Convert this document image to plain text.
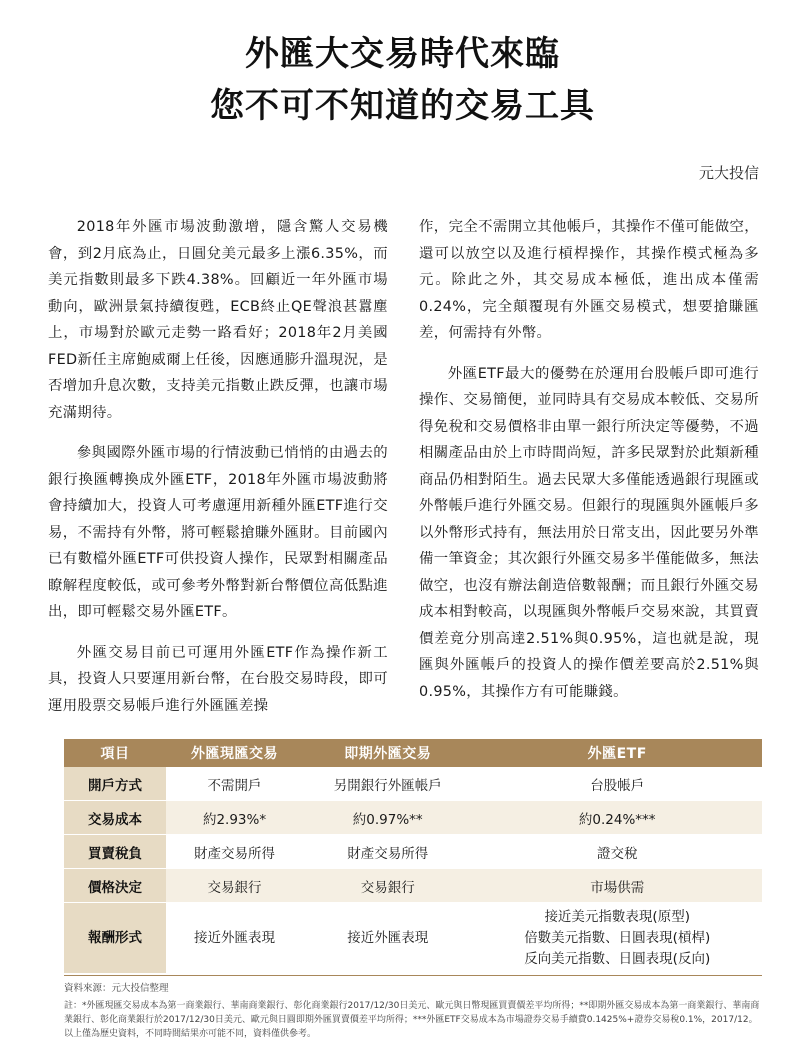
外匯大交易時代來臨
您不可不知道的交易工具
元大投信

2018年外匯市場波動激增，隱含驚人交易機會，到2月底為止，日圓兌美元最多上漲6.35%，而美元指數則最多下跌4.38%。回顧近一年外匯市場動向，歐洲景氣持續復甦，ECB終止QE聲浪甚囂塵上，市場對於歐元走勢一路看好；2018年2月美國FED新任主席鮑威爾上任後，因應通膨升溫現況，是否增加升息次數，支持美元指數止跌反彈，也讓市場充滿期待。

參與國際外匯市場的行情波動已悄悄的由過去的銀行換匯轉換成外匯ETF，2018年外匯市場波動將會持續加大，投資人可考慮運用新種外匯ETF進行交易，不需持有外幣，將可輕鬆搶賺外匯財。目前國內已有數檔外匯ETF可供投資人操作，民眾對相關產品瞭解程度較低，或可參考外幣對新台幣價位高低點進出，即可輕鬆交易外匯ETF。

外匯交易目前已可運用外匯ETF作為操作新工具，投資人只要運用新台幣，在台股交易時段，即可運用股票交易帳戶進行外匯匯差操

作，完全不需開立其他帳戶，其操作不僅可能做空，還可以放空以及進行槓桿操作，其操作模式極為多元。除此之外，其交易成本極低，進出成本僅需0.24%，完全顛覆現有外匯交易模式，想要搶賺匯差，何需持有外幣。

外匯ETF最大的優勢在於運用台股帳戶即可進行操作、交易簡便，並同時具有交易成本較低、交易所得免稅和交易價格非由單一銀行所決定等優勢，不過相關產品由於上市時間尚短，許多民眾對於此類新種商品仍相對陌生。過去民眾大多僅能透過銀行現匯或外幣帳戶進行外匯交易。但銀行的現匯與外匯帳戶多以外幣形式持有，無法用於日常支出，因此要另外準備一筆資金；其次銀行外匯交易多半僅能做多，無法做空，也沒有辦法創造倍數報酬；而且銀行外匯交易成本相對較高，以現匯與外幣帳戶交易來說，其買賣價差竟分別高達2.51%與0.95%，這也就是說，現匯與外匯帳戶的投資人的操作價差要高於2.51%與0.95%，其操作方有可能賺錢。

項目	外匯現匯交易	即期外匯交易	外匯ETF
開戶方式	不需開戶	另開銀行外匯帳戶	台股帳戶
交易成本	約2.93%*	約0.97%**	約0.24%***
買賣稅負	財產交易所得	財產交易所得	證交稅
價格決定	交易銀行	交易銀行	市場供需
報酬形式	接近外匯表現	接近外匯表現	接近美元指數表現(原型)
倍數美元指數、日圓表現(槓桿)
反向美元指數、日圓表現(反向)
資料來源：元大投信整理
註：*外匯現匯交易成本為第一商業銀行、華南商業銀行、彰化商業銀行2017/12/30日美元、歐元與日幣現匯買賣價差平均所得；**即期外匯交易成本為第一商業銀行、華南商業銀行、彰化商業銀行於2017/12/30日美元、歐元與日圓即期外匯買賣價差平均所得；***外匯ETF交易成本為市場證券交易手續費0.1425%+證券交易稅0.1%，2017/12。以上僅為歷史資料，不同時間結果亦可能不同，資料僅供參考。
